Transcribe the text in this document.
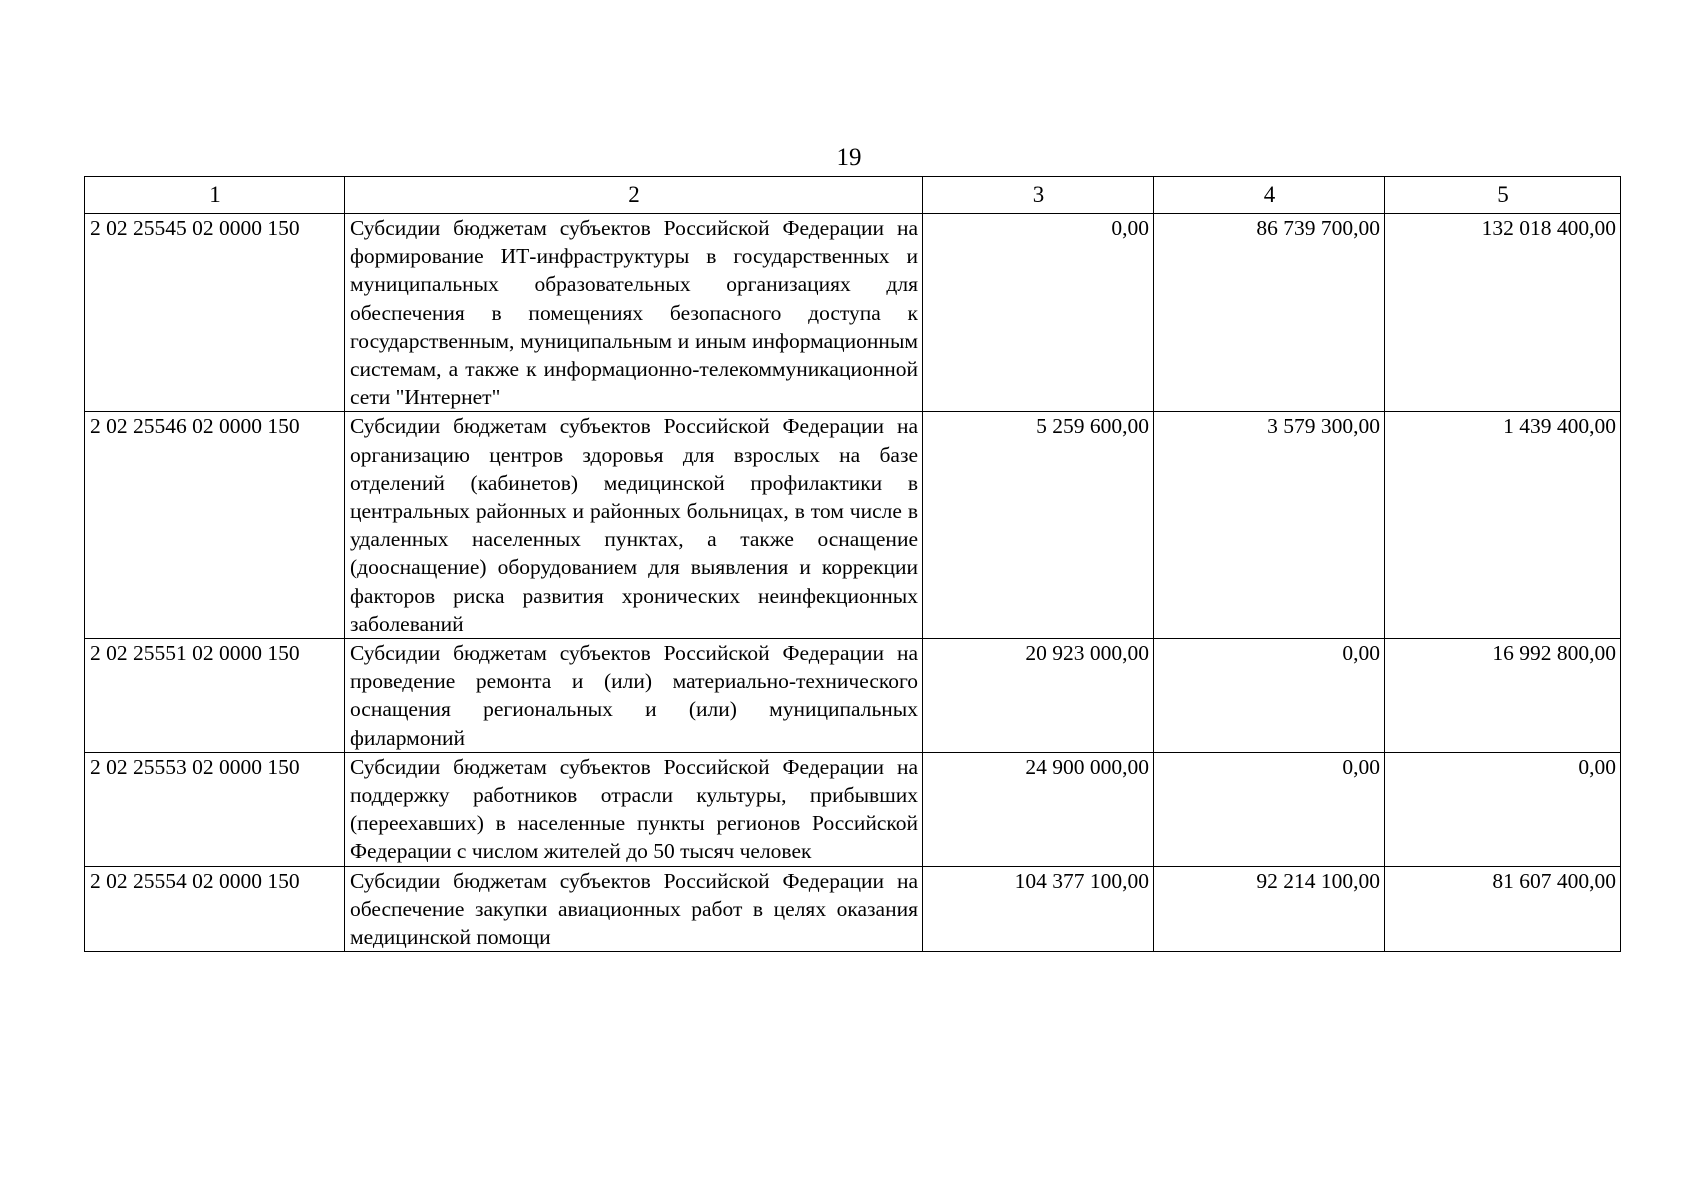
19
1	2	3	4	5
2 02 25545 02 0000 150	Субсидии бюджетам субъектов Российской Федерации на формирование ИТ-инфраструктуры в государственных и муниципальных образовательных организациях для обеспечения в помещениях безопасного доступа к государственным, муниципальным и иным информационным системам, а также к информационно-телекоммуникационной сети "Интернет"	0,00	86 739 700,00	132 018 400,00
2 02 25546 02 0000 150	Субсидии бюджетам субъектов Российской Федерации на организацию центров здоровья для взрослых на базе отделений (кабинетов) медицинской профилактики в центральных районных и районных больницах, в том числе в удаленных населенных пунктах, а также оснащение (дооснащение) оборудованием для выявления и коррекции факторов риска развития хронических неинфекционных заболеваний	5 259 600,00	3 579 300,00	1 439 400,00
2 02 25551 02 0000 150	Субсидии бюджетам субъектов Российской Федерации на проведение ремонта и (или) материально-технического оснащения региональных и (или) муниципальных филармоний	20 923 000,00	0,00	16 992 800,00
2 02 25553 02 0000 150	Субсидии бюджетам субъектов Российской Федерации на поддержку работников отрасли культуры, прибывших (переехавших) в населенные пункты регионов Российской Федерации с числом жителей до 50 тысяч человек	24 900 000,00	0,00	0,00
2 02 25554 02 0000 150	Субсидии бюджетам субъектов Российской Федерации на обеспечение закупки авиационных работ в целях оказания медицинской помощи	104 377 100,00	92 214 100,00	81 607 400,00
